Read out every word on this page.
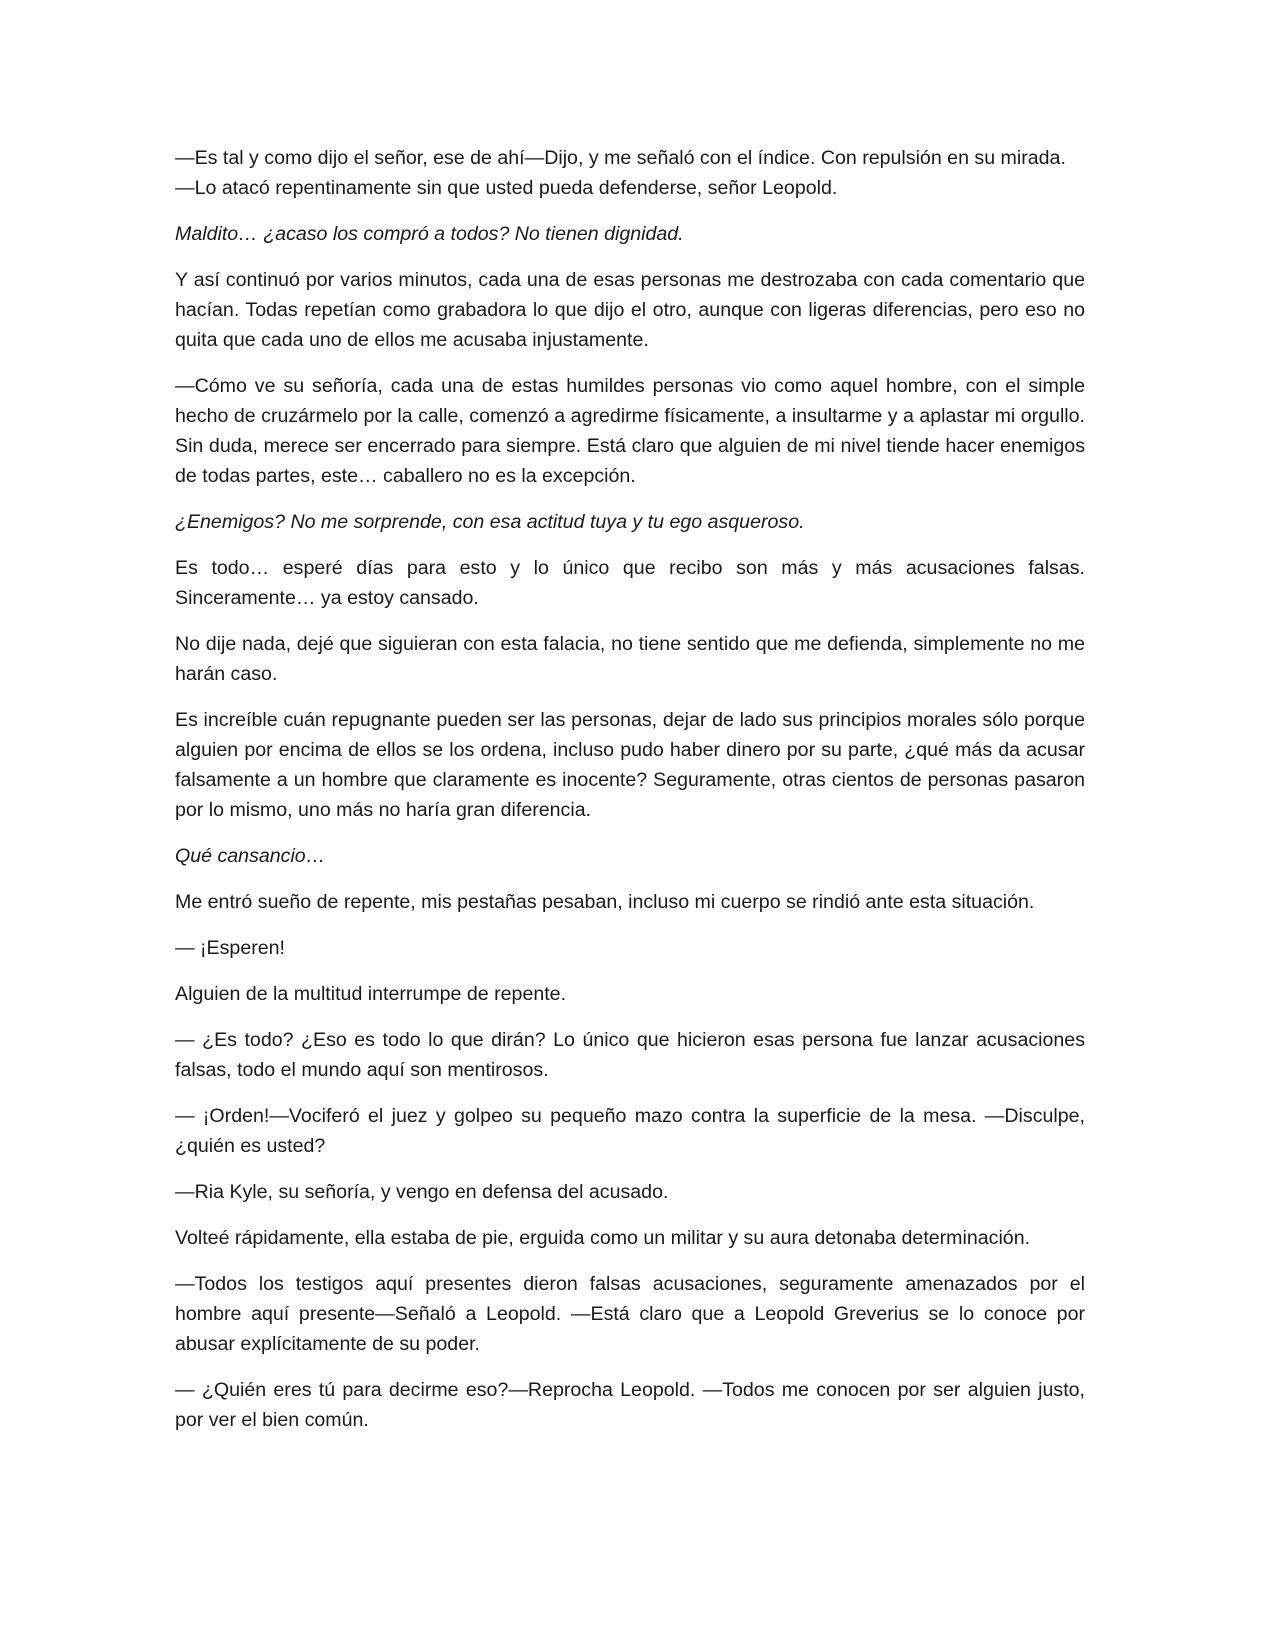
—Es tal y como dijo el señor, ese de ahí—Dijo, y me señaló con el índice. Con repulsión en su mirada.
—Lo atacó repentinamente sin que usted pueda defenderse, señor Leopold.

Maldito… ¿acaso los compró a todos? No tienen dignidad.

Y así continuó por varios minutos, cada una de esas personas me destrozaba con cada comentario que hacían. Todas repetían como grabadora lo que dijo el otro, aunque con ligeras diferencias, pero eso no quita que cada uno de ellos me acusaba injustamente.

—Cómo ve su señoría, cada una de estas humildes personas vio como aquel hombre, con el simple hecho de cruzármelo por la calle, comenzó a agredirme físicamente, a insultarme y a aplastar mi orgullo. Sin duda, merece ser encerrado para siempre. Está claro que alguien de mi nivel tiende hacer enemigos de todas partes, este… caballero no es la excepción.

¿Enemigos? No me sorprende, con esa actitud tuya y tu ego asqueroso.

Es todo… esperé días para esto y lo único que recibo son más y más acusaciones falsas. Sinceramente… ya estoy cansado.

No dije nada, dejé que siguieran con esta falacia, no tiene sentido que me defienda, simplemente no me harán caso.

Es increíble cuán repugnante pueden ser las personas, dejar de lado sus principios morales sólo porque alguien por encima de ellos se los ordena, incluso pudo haber dinero por su parte, ¿qué más da acusar falsamente a un hombre que claramente es inocente? Seguramente, otras cientos de personas pasaron por lo mismo, uno más no haría gran diferencia.

Qué cansancio…

Me entró sueño de repente, mis pestañas pesaban, incluso mi cuerpo se rindió ante esta situación.

— ¡Esperen!

Alguien de la multitud interrumpe de repente.

— ¿Es todo? ¿Eso es todo lo que dirán? Lo único que hicieron esas persona fue lanzar acusaciones falsas, todo el mundo aquí son mentirosos.

— ¡Orden!—Vociferó el juez y golpeo su pequeño mazo contra la superficie de la mesa. —Disculpe, ¿quién es usted?

—Ria Kyle, su señoría, y vengo en defensa del acusado.

Volteé rápidamente, ella estaba de pie, erguida como un militar y su aura detonaba determinación.

—Todos los testigos aquí presentes dieron falsas acusaciones, seguramente amenazados por el hombre aquí presente—Señaló a Leopold. —Está claro que a Leopold Greverius se lo conoce por abusar explícitamente de su poder.

— ¿Quién eres tú para decirme eso?—Reprocha Leopold. —Todos me conocen por ser alguien justo, por ver el bien común.
